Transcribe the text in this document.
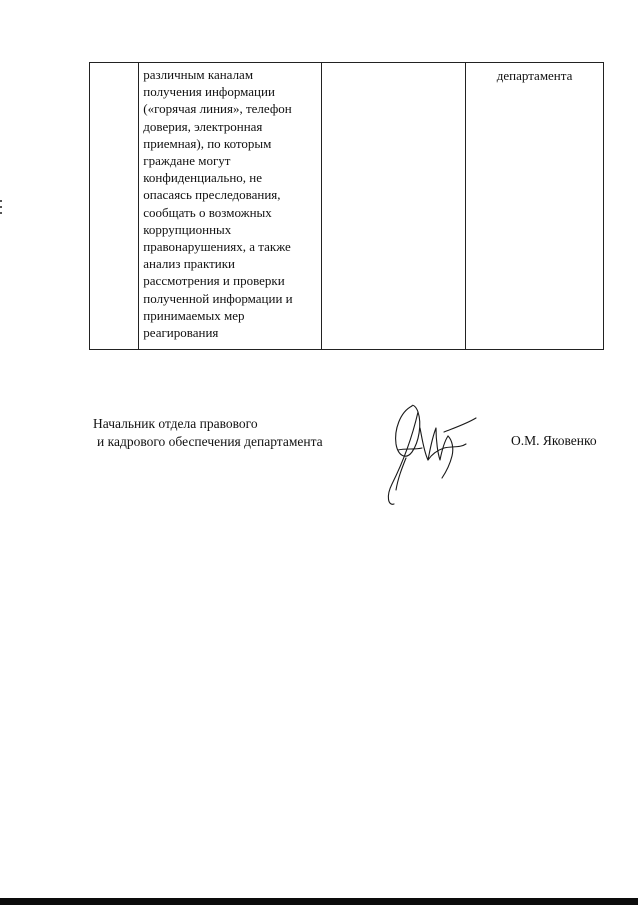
различным каналам
получения информации
(«горячая линия», телефон
доверия, электронная
приемная), по которым
граждане могут
конфиденциально, не
опасаясь преследования,
сообщать о возможных
коррупционных
правонарушениях, а также
анализ практики
рассмотрения и проверки
полученной информации и
принимаемых мер
реагирования

департамента
Начальник отдела правового
и кадрового обеспечения департамента	О.М. Яковенко
